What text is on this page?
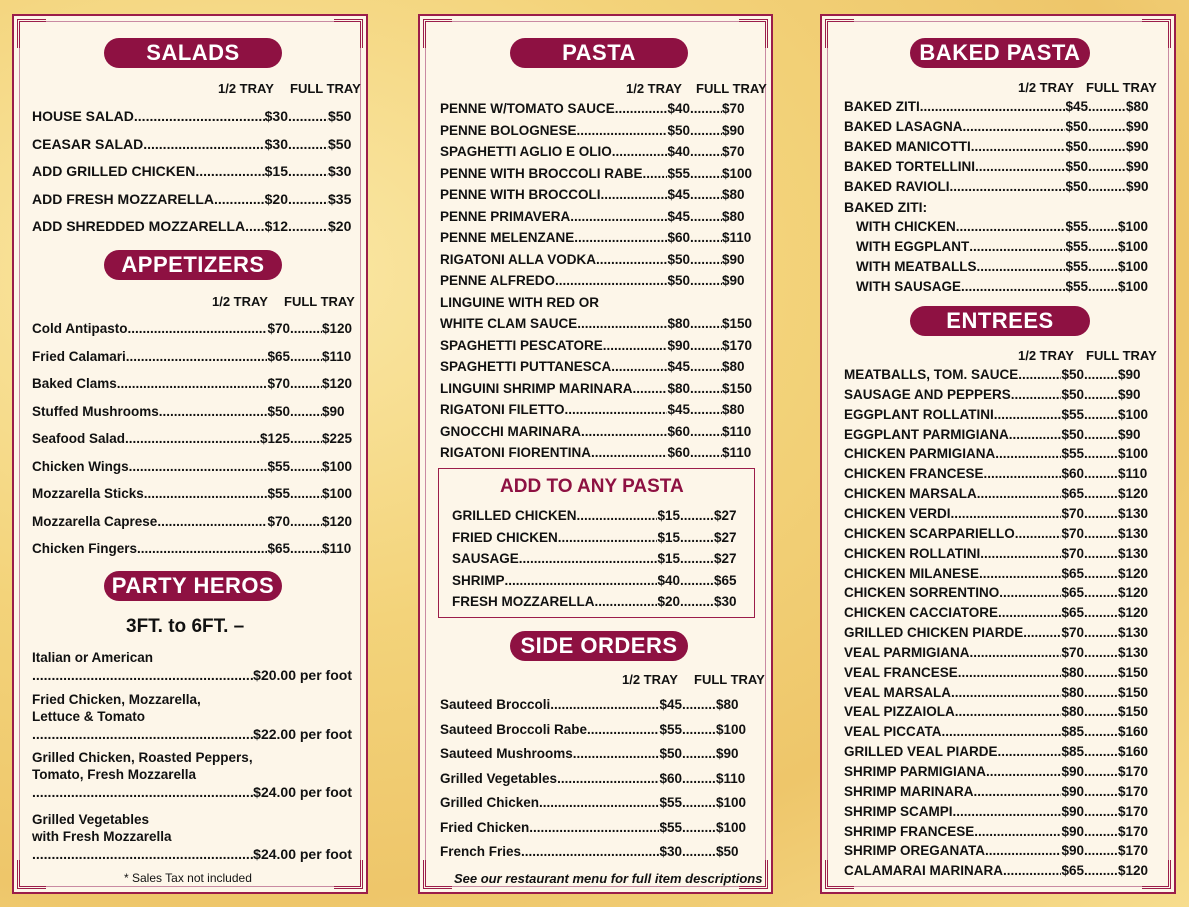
SALADS
1/2 TRAY FULL TRAY
HOUSE SALAD .....	$30 .....	$50
CEASAR SALAD .....	$30 .....	$50
ADD GRILLED CHICKEN .....	$15 .....	$30
ADD FRESH MOZZARELLA .....	$20 .....	$35
ADD SHREDDED MOZZARELLA ..... $12 .....	$20
APPETIZERS
1/2 TRAY FULL TRAY
Cold Antipasto .....	$70 ..... $120
Fried Calamari .....	$65 ..... $110
Baked Clams .....	$70 ..... $120
Stuffed Mushrooms .....	$50 ..... $90
Seafood Salad .....	$125 ..... $225
Chicken Wings .....	$55 ..... $100
Mozzarella Sticks .....	$55 ..... $100
Mozzarella Caprese .....	$70 ..... $120
Chicken Fingers .....	$65 ..... $110
PARTY HEROS
3FT. to 6FT. –
Italian or American
.....
$20.00 per foot
Fried Chicken, Mozzarella,
Lettuce & Tomato
.....
$22.00 per foot
Grilled Chicken, Roasted Peppers,
Tomato, Fresh Mozzarella
.....
$24.00 per foot
Grilled Vegetables
with Fresh Mozzarella
.....
$24.00 per foot
* Sales Tax not included
PASTA
1/2 TRAY FULL TRAY
PENNE W/TOMATO SAUCE .....	$40 ..... $70
PENNE BOLOGNESE .....	$50 ..... $90
SPAGHETTI AGLIO E OLIO .....	$40 ..... $70
PENNE WITH BROCCOLI RABE ..... $55 ..... $100
PENNE WITH BROCCOLI .....	$45 ..... $80
PENNE PRIMAVERA .....	$45 ..... $80
PENNE MELENZANE .....	$60 ..... $110
RIGATONI ALLA VODKA .....	$50 ..... $90
PENNE ALFREDO .....	$50 ..... $90
LINGUINE WITH RED OR
WHITE CLAM SAUCE .....	$80 ..... $150
SPAGHETTI PESCATORE .....	$90 ..... $170
SPAGHETTI PUTTANESCA .....	$45 ..... $80
LINGUINI SHRIMP MARINARA .....	$80 ..... $150
RIGATONI FILETTO .....	$45 ..... $80
GNOCCHI MARINARA .....	$60 ..... $110
RIGATONI FIORENTINA .....	$60 ..... $110
ADD TO ANY PASTA
GRILLED CHICKEN .....	$15 .....	$27
FRIED CHICKEN .....	$15 .....	$27
SAUSAGE .....	$15 .....	$27
SHRIMP .....	$40 .....	$65
FRESH MOZZARELLA .....	$20 .....	$30
SIDE ORDERS
1/2 TRAY FULL TRAY
Sauteed Broccoli .....	$45 .....	$80
Sauteed Broccoli Rabe .....	$55 .....	$100
Sauteed Mushrooms .....	$50 .....	$90
Grilled Vegetables .....	$60 .....	$110
Grilled Chicken .....	$55 .....	$100
Fried Chicken .....	$55 .....	$100
French Fries .....	$30 .....	$50
See our restaurant menu for full item descriptions
BAKED PASTA
1/2 TRAY FULL TRAY
BAKED ZITI .....	$45 .....	$80
BAKED LASAGNA .....	$50 .....	$90
BAKED MANICOTTI .....	$50 .....	$90
BAKED TORTELLINI .....	$50 .....	$90
BAKED RAVIOLI .....	$50 .....	$90
BAKED ZITI:
WITH CHICKEN .....	$55 ..... $100
WITH EGGPLANT .....	$55 ..... $100
WITH MEATBALLS .....	$55 ..... $100
WITH SAUSAGE .....	$55 ..... $100
ENTREES
1/2 TRAY FULL TRAY
MEATBALLS, TOM. SAUCE .....	$50 .....	$90
SAUSAGE AND PEPPERS .....	$50 .....	$90
EGGPLANT ROLLATINI .....	$55 .....	$100
EGGPLANT PARMIGIANA .....	$50 .....	$90
CHICKEN PARMIGIANA .....	$55 .....	$100
CHICKEN FRANCESE .....	$60 .....	$110
CHICKEN MARSALA .....	$65 .....	$120
CHICKEN VERDI .....	$70 .....	$130
CHICKEN SCARPARIELLO .....	$70 .....	$130
CHICKEN ROLLATINI .....	$70 .....	$130
CHICKEN MILANESE .....	$65 .....	$120
CHICKEN SORRENTINO .....	$65 .....	$120
CHICKEN CACCIATORE .....	$65 .....	$120
GRILLED CHICKEN PIARDE .....	$70 .....	$130
VEAL PARMIGIANA .....	$70 .....	$130
VEAL FRANCESE .....	$80 .....	$150
VEAL MARSALA .....	$80 .....	$150
VEAL PIZZAIOLA .....	$80 .....	$150
VEAL PICCATA .....	$85 .....	$160
GRILLED VEAL PIARDE .....	$85 .....	$160
SHRIMP PARMIGIANA .....	$90 .....	$170
SHRIMP MARINARA .....	$90 .....	$170
SHRIMP SCAMPI .....	$90 .....	$170
SHRIMP FRANCESE .....	$90 .....	$170
SHRIMP OREGANATA .....	$90 .....	$170
CALAMARAI MARINARA .....	$65 .....	$120
